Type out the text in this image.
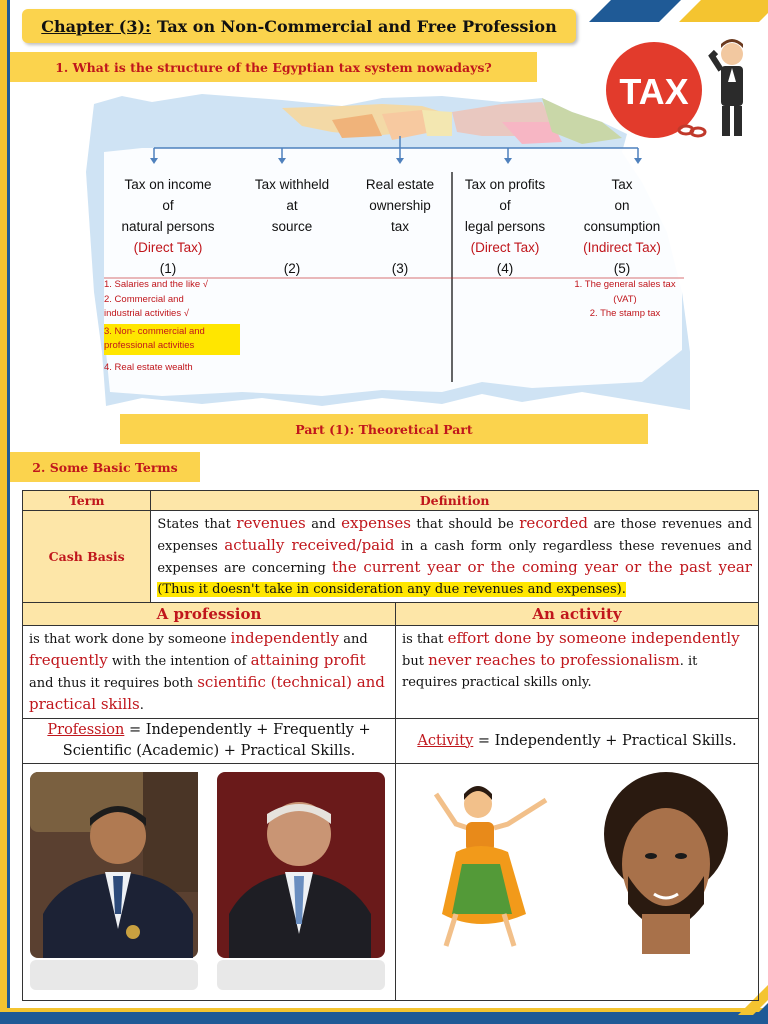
Chapter (3): Tax on Non-Commercial and Free Profession
1. What is the structure of the Egyptian tax system nowadays?
TAX
Tax on income
of
natural persons
(Direct Tax)
(1)
Tax withheld
at
source
(2)
Real estate
ownership
tax
(3)
Tax on profits
of
legal persons
(Direct Tax)
(4)
Tax
on
consumption
(Indirect Tax)
(5)
1. Salaries and the like √
2. Commercial and
industrial activities √
3. Non- commercial and
professional activities
4. Real estate wealth
1. The general sales tax
(VAT)
2. The stamp tax
Part (1): Theoretical Part
2. Some Basic Terms
Term	Definition	
Cash Basis	States that revenues and expenses that should be recorded are those revenues and expenses actually received/paid in a cash form only regardless these revenues and expenses are concerning the current year or the coming year or the past year (Thus it doesn't take in consideration any due revenues and expenses).	
A profession		An activity
is that work done by someone independently and frequently with the intention of attaining profit and thus it requires both scientific (technical) and practical skills.		is that effort done by someone independently but never reaches to professionalism. it requires practical skills only.
Profession = Independently + Frequently +
Scientific (Academic) + Practical Skills.		Activity = Independently + Practical Skills.
